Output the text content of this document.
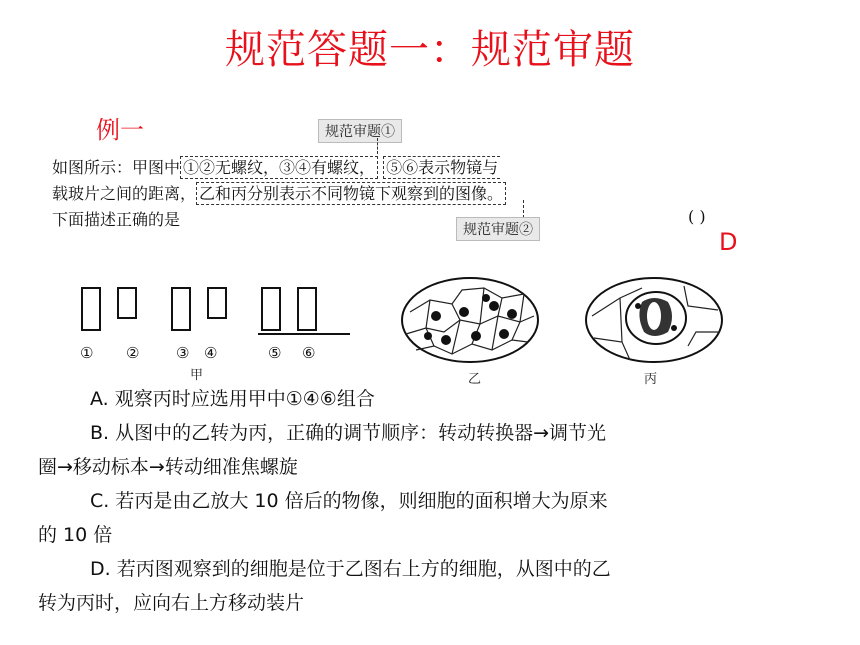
规范答题一：规范审题
例一	规范审题①
如图所示：甲图中 ①②无螺纹，③④有螺纹， ⑤⑥表示物镜与
载玻片之间的距离， 乙和丙分别表示不同物镜下观察到的图像。
下面描述正确的是	( )
规范审题②	D
① ② ③ ④	⑤ ⑥
甲	乙	丙
A. 观察丙时应选用甲中①④⑥组合
B. 从图中的乙转为丙，正确的调节顺序：转动转换器→调节光
圈→移动标本→转动细准焦螺旋
C. 若丙是由乙放大 10 倍后的物像，则细胞的面积增大为原来
的 10 倍
D. 若丙图观察到的细胞是位于乙图右上方的细胞，从图中的乙
转为丙时，应向右上方移动装片
